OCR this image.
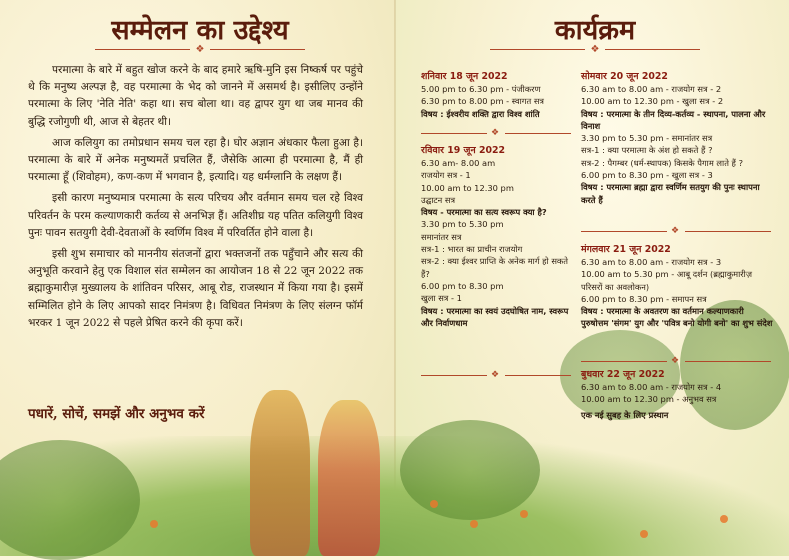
सम्मेलन का उद्देश्य
❖

परमात्मा के बारे में बहुत खोज करने के बाद हमारे ऋषि-मुनि इस निष्कर्ष पर पहुंचे थे कि मनुष्य अल्पज्ञ है, वह परमात्मा के भेद को जानने में असमर्थ है। इसीलिए उन्होंने परमात्मा के लिए 'नेति नेति' कहा था। सच बोला था। वह द्वापर युग था जब मानव की बुद्धि रजोगुणी थी, आज से बेहतर थी।

आज कलियुग का तमोप्रधान समय चल रहा है। घोर अज्ञान अंधकार फैला हुआ है। परमात्मा के बारे में अनेक मनुष्यमतें प्रचलित हैं, जैसेकि आत्मा ही परमात्मा है, मैं ही परमात्मा हूँ (शिवोहम), कण-कण में भगवान है, इत्यादि। यह धर्मग्लानि के लक्षण हैं।

इसी कारण मनुष्यमात्र परमात्मा के सत्य परिचय और वर्तमान समय चल रहे विश्व परिवर्तन के परम कल्याणकारी कर्तव्य से अनभिज्ञ हैं। अतिशीघ्र यह पतित कलियुगी विश्व पुनः पावन सतयुगी देवी-देवताओं के स्वर्णिम विश्व में परिवर्तित होने वाला है।

इसी शुभ समाचार को माननीय संतजनों द्वारा भक्तजनों तक पहुँचाने और सत्य की अनुभूति करवाने हेतु एक विशाल संत सम्मेलन का आयोजन 18 से 22 जून 2022 तक ब्रह्माकुमारीज़ मुख्यालय के शांतिवन परिसर, आबू रोड, राजस्थान में किया गया है। इसमें सम्मिलित होने के लिए आपको सादर निमंत्रण है। विधिवत निमंत्रण के लिए संलग्न फॉर्म भरकर 1 जून 2022 से पहले प्रेषित करने की कृपा करें।

पधारें, सोचें, समझें और अनुभव करें
कार्यक्रम
❖
शनिवार 18 जून 2022
5.00 pm to 6.30 pm - पंजीकरण
6.30 pm to 8.00 pm - स्वागत सत्र
विषय : ईश्वरीय शक्ति द्वारा विश्व शांति
❖
रविवार 19 जून 2022
6.30 am- 8.00 am
राजयोग सत्र - 1
10.00 am to 12.30 pm
उद्घाटन सत्र
विषय - परमात्मा का सत्य स्वरूप क्या है?
3.30 pm to 5.30 pm
समानांतर सत्र
सत्र-1 : भारत का प्राचीन राजयोग
सत्र-2 : क्या ईश्वर प्राप्ति के अनेक मार्ग हो सकते हैं?
6.00 pm to 8.30 pm
खुला सत्र - 1
विषय : परमात्मा का स्वयं उदघोषित नाम, स्वरूप और निर्वाणधाम
❖
सोमवार 20 जून 2022
6.30 am to 8.00 am - राजयोग सत्र - 2
10.00 am to 12.30 pm - खुला सत्र - 2
विषय : परमात्मा के तीन दिव्य-कर्तव्य - स्थापना, पालना और विनाश
3.30 pm to 5.30 pm - समानांतर सत्र
सत्र-1 : क्या परमात्मा के अंश हो सकते हैं ?
सत्र-2 : पैगम्बर (धर्म-स्थापक) किसके पैगाम लाते हैं ?
6.00 pm to 8.30 pm - खुला सत्र - 3
विषय : परमात्मा ब्रह्मा द्वारा स्वर्णिम सतयुग की पुनः स्थापना करते हैं
❖
मंगलवार 21 जून 2022
6.30 am to 8.00 am - राजयोग सत्र - 3
10.00 am to 5.30 pm - आबू दर्शन (ब्रह्माकुमारीज़ परिसरों का अवलोकन)
6.00 pm to 8.30 pm - समापन सत्र
विषय : परमात्मा के अवतरण का वर्तमान कल्याणकारी पुरुषोत्तम 'संगम' युग और 'पवित्र बनो योगी बनो' का शुभ संदेश
❖
बुधवार 22 जून 2022
6.30 am to 8.00 am - राजयोग सत्र - 4
10.00 am to 12.30 pm - अनुभव सत्र
एक नई सुबह के लिए प्रस्थान
